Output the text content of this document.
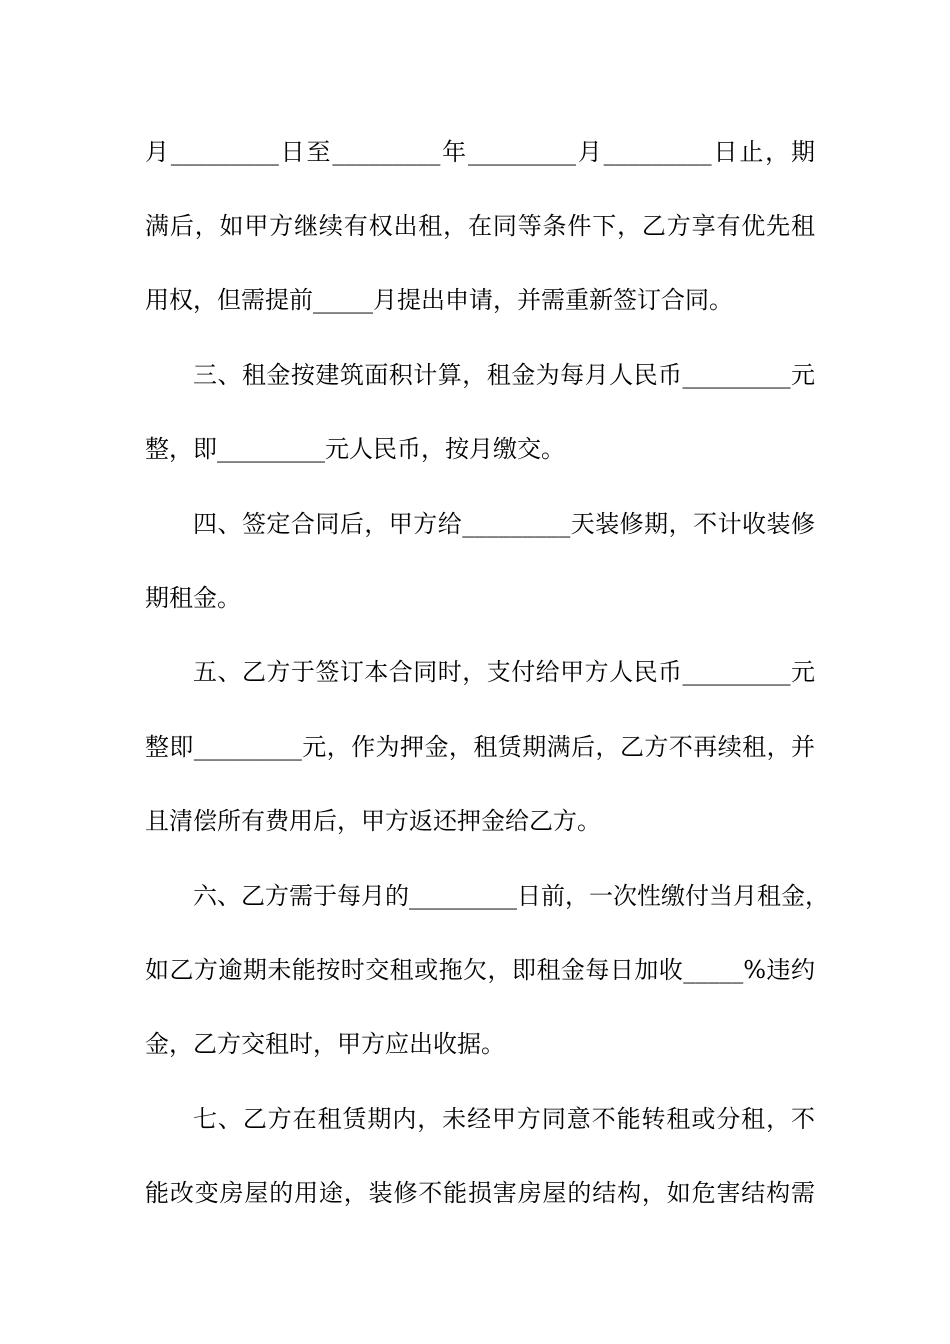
月_________日至_________年_________月_________日止，期
满后，如甲方继续有权出租，在同等条件下，乙方享有优先租
用权，但需提前_____月提出申请，并需重新签订合同。
三、租金按建筑面积计算，租金为每月人民币_________元
整，即_________元人民币，按月缴交。
四、签定合同后，甲方给_________天装修期，不计收装修
期租金。
五、乙方于签订本合同时，支付给甲方人民币_________元
整即_________元，作为押金，租赁期满后，乙方不再续租，并
且清偿所有费用后，甲方返还押金给乙方。
六、乙方需于每月的_________日前，一次性缴付当月租金，
如乙方逾期未能按时交租或拖欠，即租金每日加收_____%违约
金，乙方交租时，甲方应出收据。
七、乙方在租赁期内，未经甲方同意不能转租或分租，不
能改变房屋的用途，装修不能损害房屋的结构，如危害结构需
